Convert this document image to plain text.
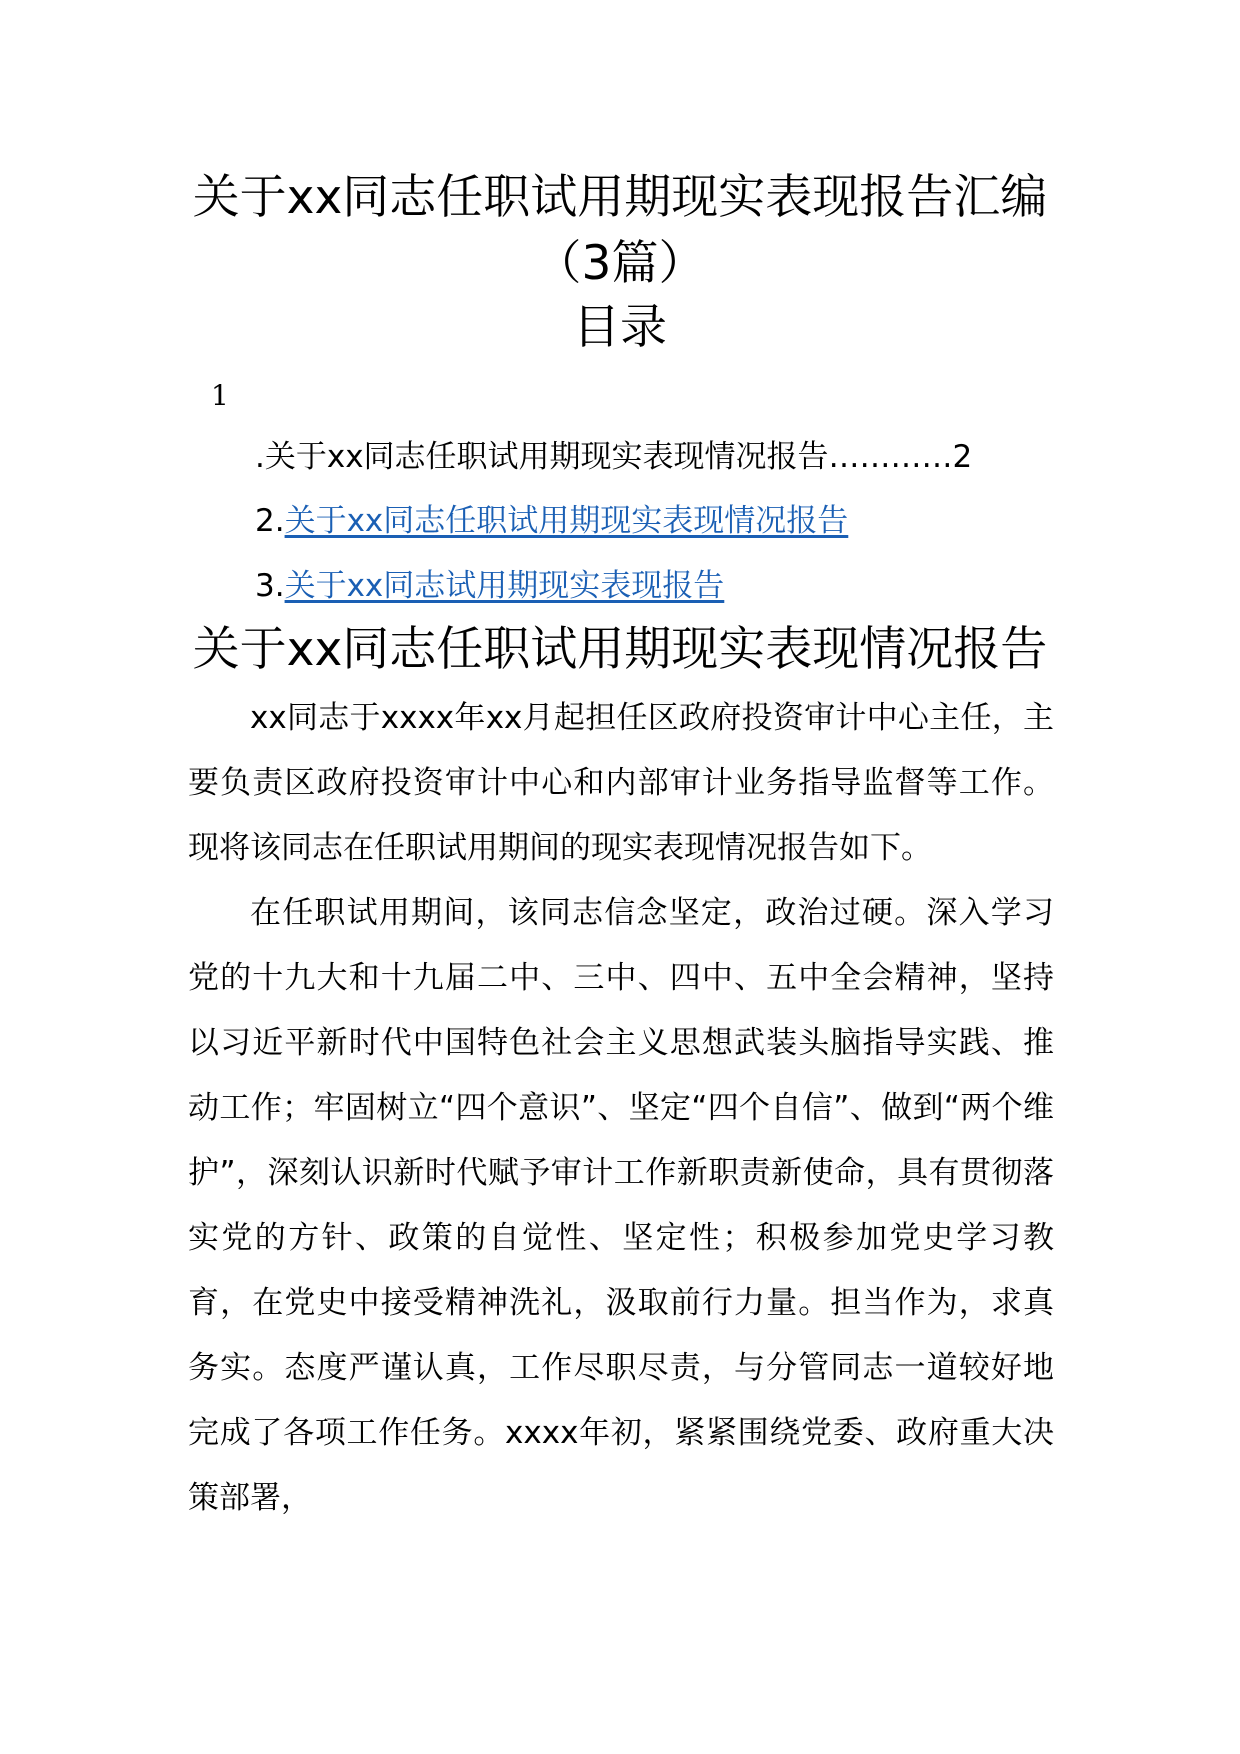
关于xx同志任职试用期现实表现报告汇编
（3篇）
目录
1
.关于xx同志任职试用期现实表现情况报告…………2
2.关于xx同志任职试用期现实表现情况报告
3.关于xx同志试用期现实表现报告
关于xx同志任职试用期现实表现情况报告

xx同志于xxxx年xx月起担任区政府投资审计中心主任，主要负责区政府投资审计中心和内部审计业务指导监督等工作。现将该同志在任职试用期间的现实表现情况报告如下。

在任职试用期间，该同志信念坚定，政治过硬。深入学习党的十九大和十九届二中、三中、四中、五中全会精神，坚持以习近平新时代中国特色社会主义思想武装头脑指导实践、推动工作；牢固树立“四个意识”、坚定“四个自信”、做到“两个维护”，深刻认识新时代赋予审计工作新职责新使命，具有贯彻落实党的方针、政策的自觉性、坚定性；积极参加党史学习教育，在党史中接受精神洗礼，汲取前行力量。担当作为，求真务实。态度严谨认真，工作尽职尽责，与分管同志一道较好地完成了各项工作任务。xxxx年初，紧紧围绕党委、政府重大决策部署，
